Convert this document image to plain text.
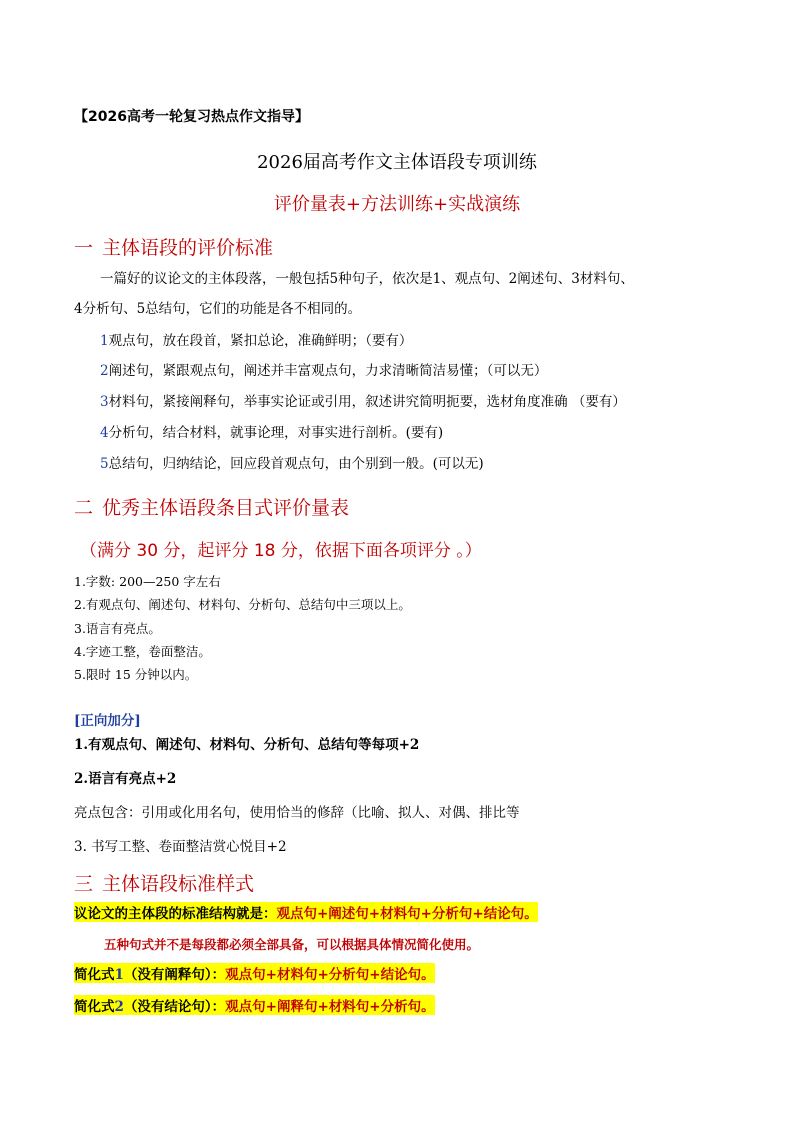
【2026高考一轮复习热点作文指导】
2026届高考作文主体语段专项训练
评价量表+方法训练+实战演练
一 主体语段的评价标准
一篇好的议论文的主体段落，一般包括5种句子，依次是1、观点句、2阐述句、3材料句、
4分析句、5总结句，它们的功能是各不相同的。
1观点句，放在段首，紧扣总论，准确鲜明；（要有）
2阐述句，紧跟观点句，阐述并丰富观点句，力求清晰简洁易懂；（可以无）
3材料句，紧接阐释句，举事实论证或引用，叙述讲究简明扼要，选材角度准确 （要有）
4分析句，结合材料，就事论理，对事实进行剖析。(要有)
5总结句，归纳结论，回应段首观点句，由个别到一般。(可以无)
二 优秀主体语段条目式评价量表
（满分 30 分，起评分 18 分，依据下面各项评分 。）
1.字数: 200—250 字左右
2.有观点句、阐述句、材料句、分析句、总结句中三项以上。
3.语言有亮点。
4.字迹工整，卷面整洁。
5.限时 15 分钟以内。
[正向加分]
1.有观点句、阐述句、材料句、分析句、总结句等每项+2
2.语言有亮点+2
亮点包含：引用或化用名句，使用恰当的修辞（比喻、拟人、对偶、排比等
3. 书写工整、卷面整洁赏心悦目+2
三 主体语段标准样式
议论文的主体段的标准结构就是：观点句+阐述句+材料句+分析句+结论句。
五种句式并不是每段都必须全部具备，可以根据具体情况简化使用。
简化式1（没有阐释句）：观点句+材料句+分析句+结论句。
简化式2（没有结论句）：观点句+阐释句+材料句+分析句。
